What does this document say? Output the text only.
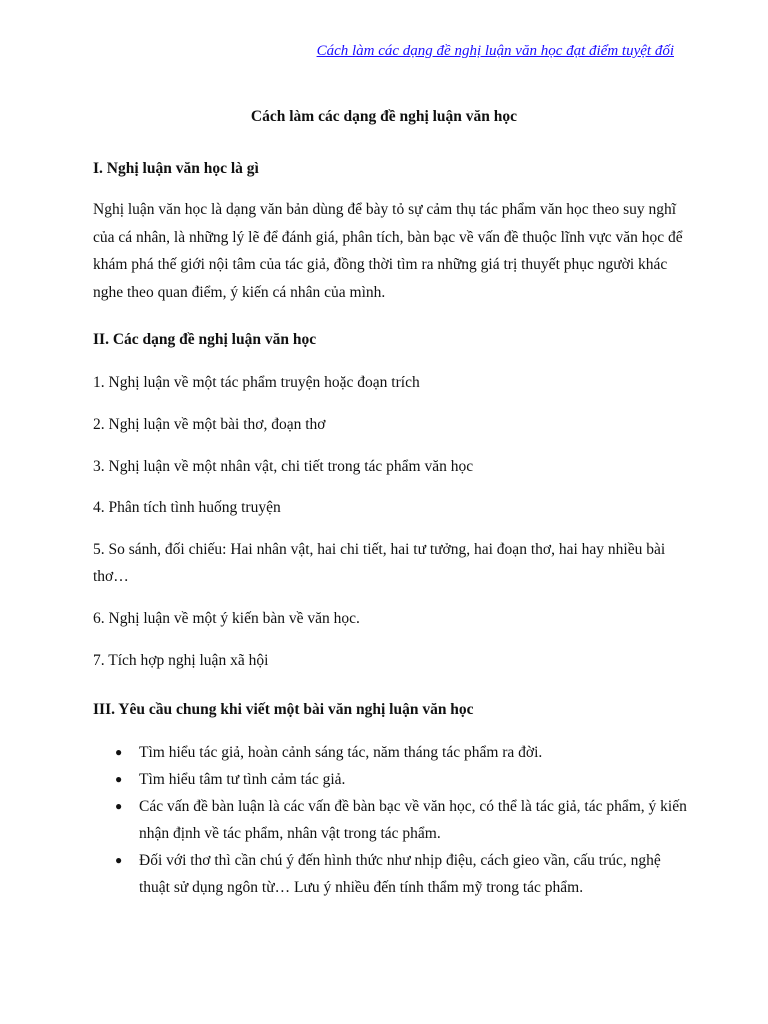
Cách làm các dạng đề nghị luận văn học đạt điểm tuyệt đối
Cách làm các dạng đề nghị luận văn học
I. Nghị luận văn học là gì
Nghị luận văn học là dạng văn bản dùng để bày tỏ sự cảm thụ tác phẩm văn học theo suy nghĩ của cá nhân, là những lý lẽ để đánh giá, phân tích, bàn bạc về vấn đề thuộc lĩnh vực văn học để khám phá thế giới nội tâm của tác giả, đồng thời tìm ra những giá trị thuyết phục người khác nghe theo quan điểm, ý kiến cá nhân của mình.
II. Các dạng đề nghị luận văn học
1. Nghị luận về một tác phẩm truyện hoặc đoạn trích
2. Nghị luận về một bài thơ, đoạn thơ
3. Nghị luận về một nhân vật, chi tiết trong tác phẩm văn học
4. Phân tích tình huống truyện
5. So sánh, đối chiếu: Hai nhân vật, hai chi tiết, hai tư tưởng, hai đoạn thơ, hai hay nhiều bài thơ…
6. Nghị luận về một ý kiến bàn về văn học.
7. Tích hợp nghị luận xã hội
III. Yêu cầu chung khi viết một bài văn nghị luận văn học
● Tìm hiểu tác giả, hoàn cảnh sáng tác, năm tháng tác phẩm ra đời.
● Tìm hiểu tâm tư tình cảm tác giả.
● Các vấn đề bàn luận là các vấn đề bàn bạc về văn học, có thể là tác giả, tác phẩm, ý kiến nhận định về tác phẩm, nhân vật trong tác phẩm.
● Đối với thơ thì cần chú ý đến hình thức như nhịp điệu, cách gieo vần, cấu trúc, nghệ thuật sử dụng ngôn từ… Lưu ý nhiều đến tính thẩm mỹ trong tác phẩm.
